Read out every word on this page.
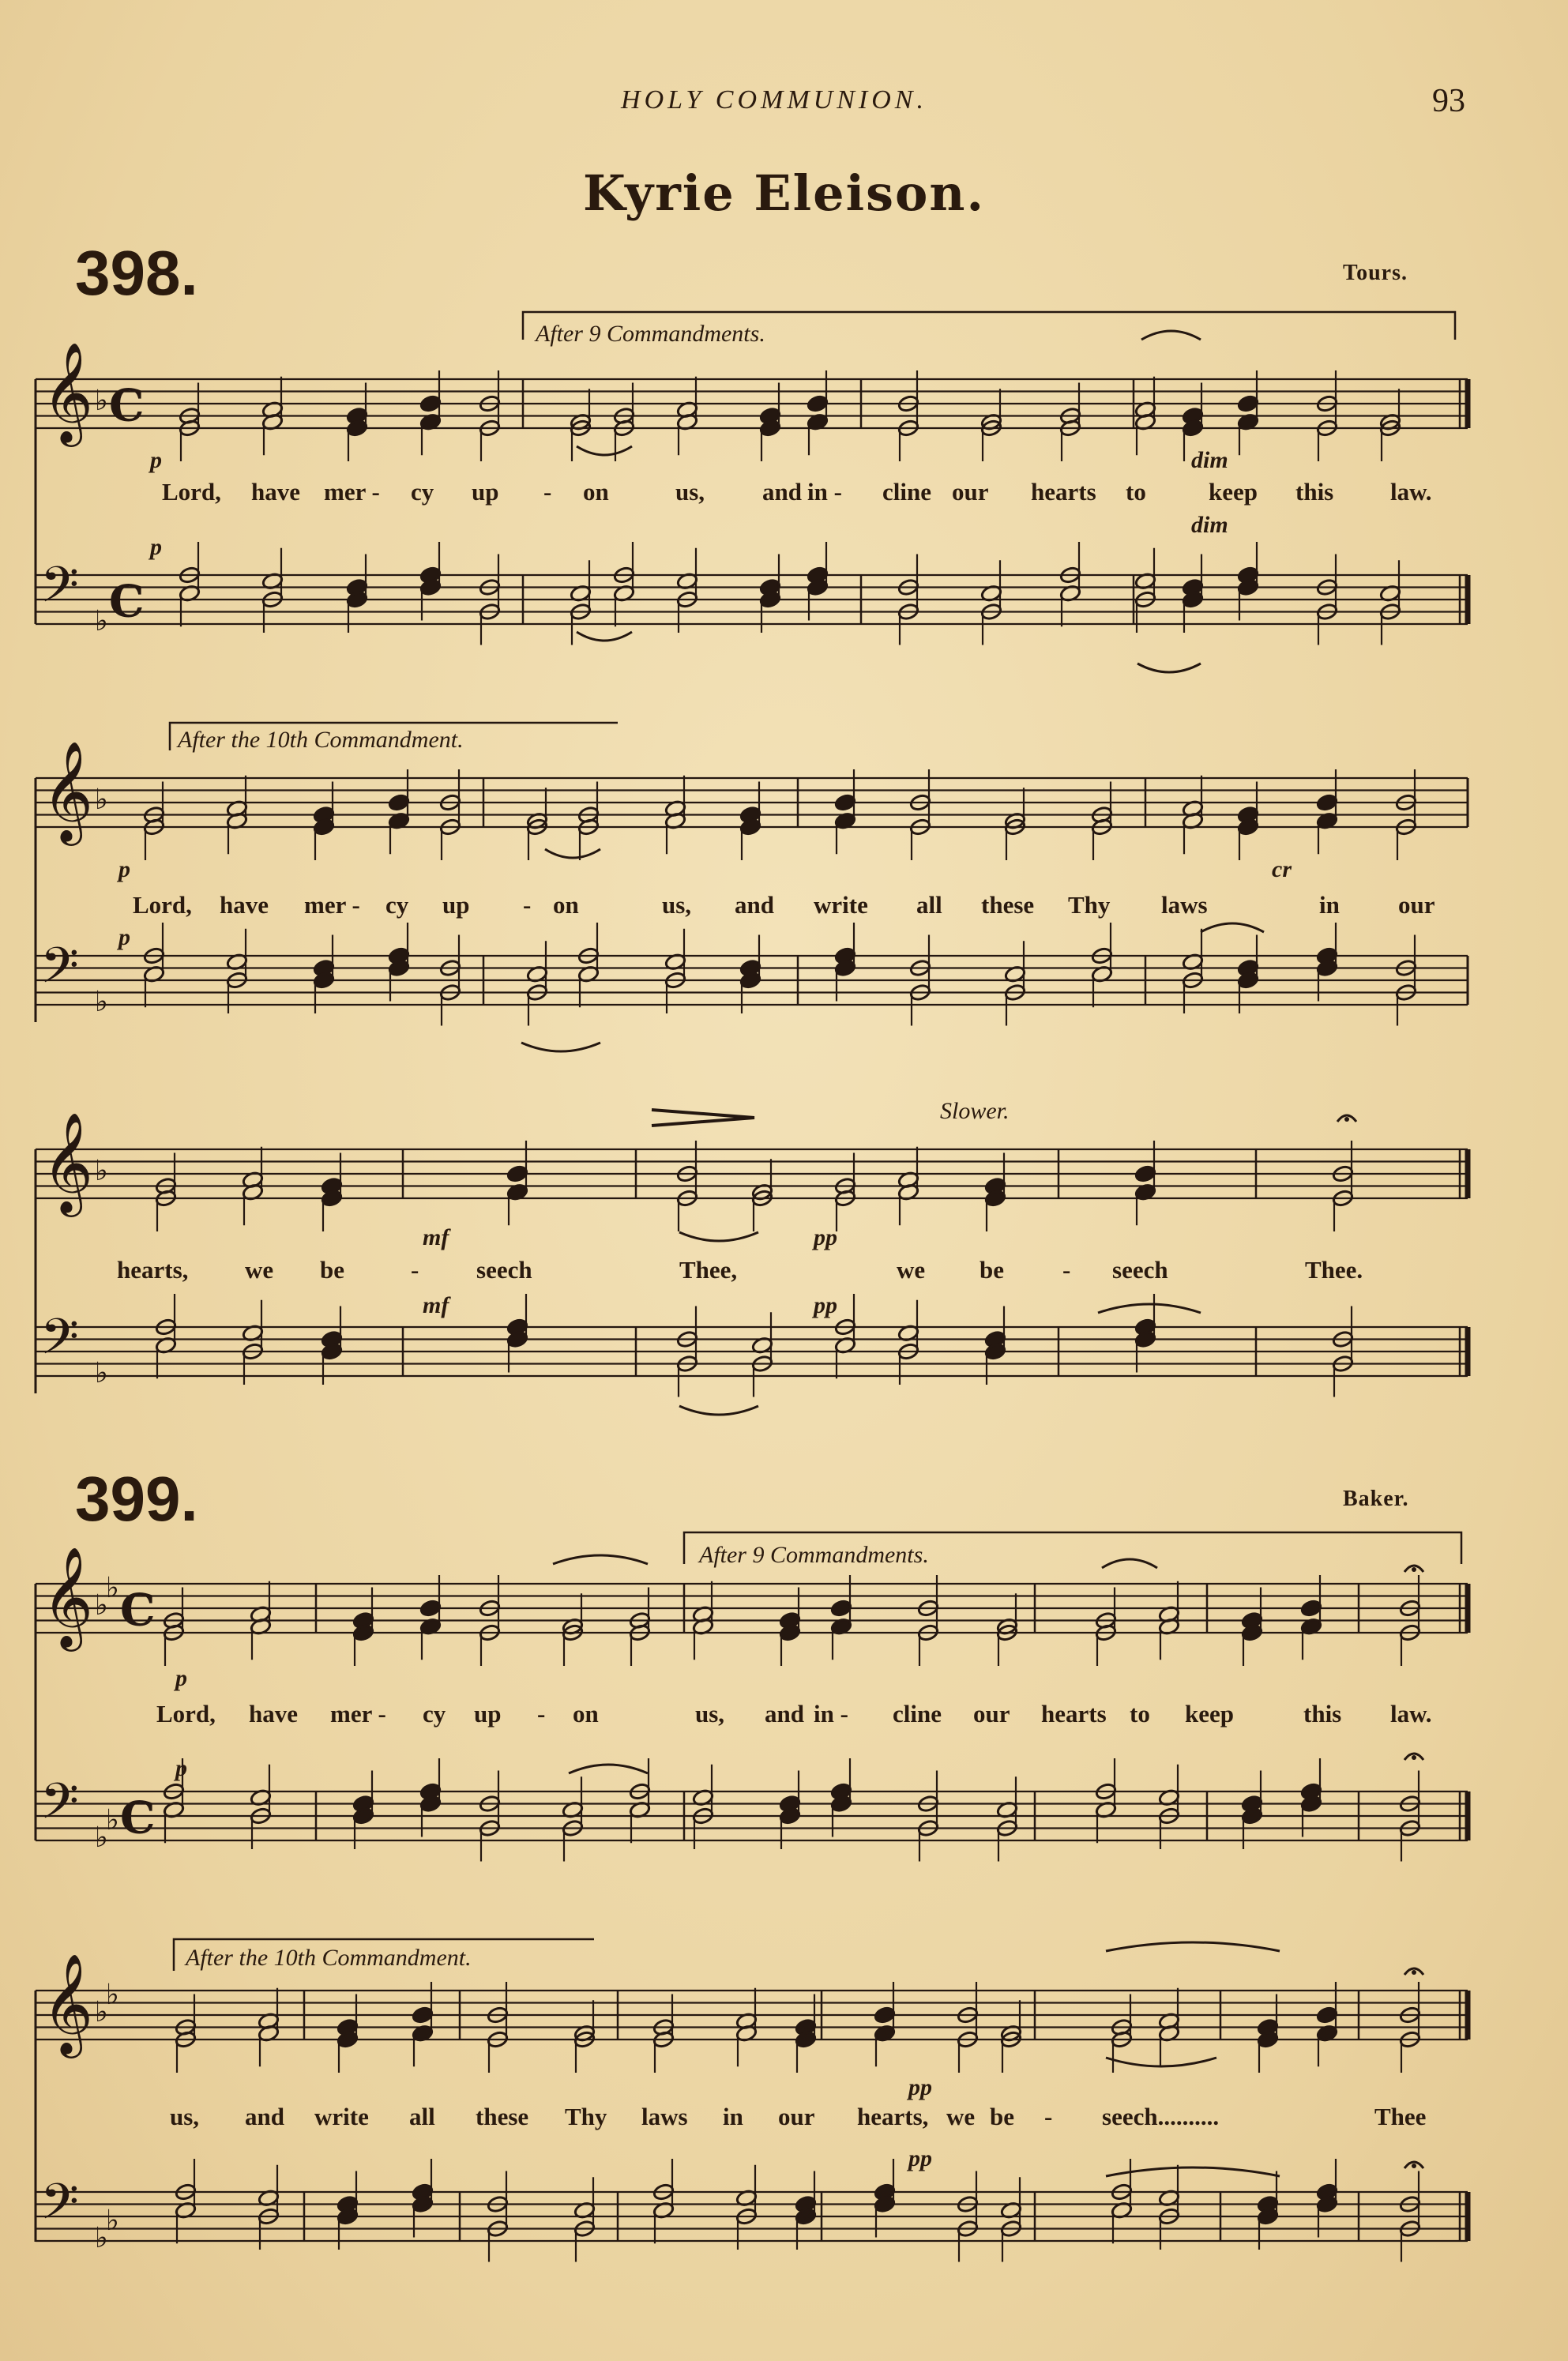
HOLY COMMUNION.	93
Kyrie Eleison.
398.	Tours.
After 9 Commandments.
p	dim
p
dim
Lord, have mer - cy up - on	us, and in - cline our hearts to	keep this law.
After the 10th Commandment.
p
p
cr
Lord, have mer - cy up - on	us, and write all these Thy laws	in our
Slower.
mf
mf
pp
pp
hearts, we be	- seech	Thee,	we be - seech	Thee.
399.	Baker.
After 9 Commandments.
p
p
Lord, have mer - cy up - on	us, and in - cline our hearts to keep	this law.
After the 10th Commandment.
pp
pp
us, and write all these Thy laws in our hearts, we be - seech..........	Thee
𝄞
𝄢
♭
♭
C
C
𝄞
𝄢
♭
♭
𝄞
𝄢
♭
♭
𝄞
𝄢
♭
♭
♭
♭
C
C
𝄞
𝄢
♭
♭
♭
♭
